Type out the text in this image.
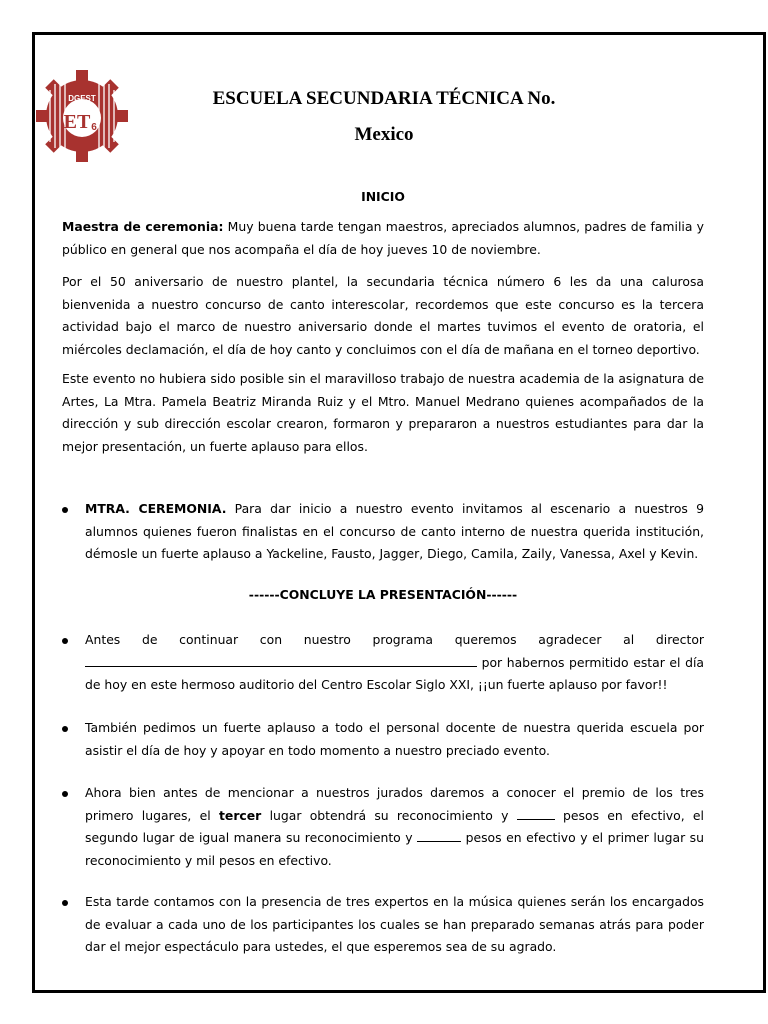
DGEST
ET 6
ESCUELA SECUNDARIA TÉCNICA No.
Mexico
INICIO

Maestra de ceremonia: Muy buena tarde tengan maestros, apreciados alumnos, padres de familia y público en general que nos acompaña el día de hoy jueves 10 de noviembre.

Por el 50 aniversario de nuestro plantel, la secundaria técnica número 6 les da una calurosa bienvenida a nuestro concurso de canto interescolar, recordemos que este concurso es la tercera actividad bajo el marco de nuestro aniversario donde el martes tuvimos el evento de oratoria, el miércoles declamación, el día de hoy canto y concluimos con el día de mañana en el torneo deportivo.
Este evento no hubiera sido posible sin el maravilloso trabajo de nuestra academia de la asignatura de Artes, La Mtra. Pamela Beatriz Miranda Ruiz y el Mtro. Manuel Medrano quienes acompañados de la dirección y sub dirección escolar crearon, formaron y prepararon a nuestros estudiantes para dar la mejor presentación, un fuerte aplauso para ellos.
MTRA. CEREMONIA. Para dar inicio a nuestro evento invitamos al escenario a nuestros 9 alumnos quienes fueron finalistas en el concurso de canto interno de nuestra querida institución, démosle un fuerte aplauso a Yackeline, Fausto, Jagger, Diego, Camila, Zaily, Vanessa, Axel y Kevin.
------CONCLUYE LA PRESENTACIÓN------
Antes de continuar con nuestro programa queremos agradecer al director  por habernos permitido estar el día de hoy en este hermoso auditorio del Centro Escolar Siglo XXI, ¡¡un fuerte aplauso por favor!!
También pedimos un fuerte aplauso a todo el personal docente de nuestra querida escuela por asistir el día de hoy y apoyar en todo momento a nuestro preciado evento.
Ahora bien antes de mencionar a nuestros jurados daremos a conocer el premio de los tres primero lugares, el tercer lugar obtendrá su reconocimiento y	pesos en efectivo, el segundo lugar de igual manera su reconocimiento y	pesos en efectivo y el primer lugar su reconocimiento y mil pesos en efectivo.
Esta tarde contamos con la presencia de tres expertos en la música quienes serán los encargados de evaluar a cada uno de los participantes los cuales se han preparado semanas atrás para poder dar el mejor espectáculo para ustedes, el que esperemos sea de su agrado.
